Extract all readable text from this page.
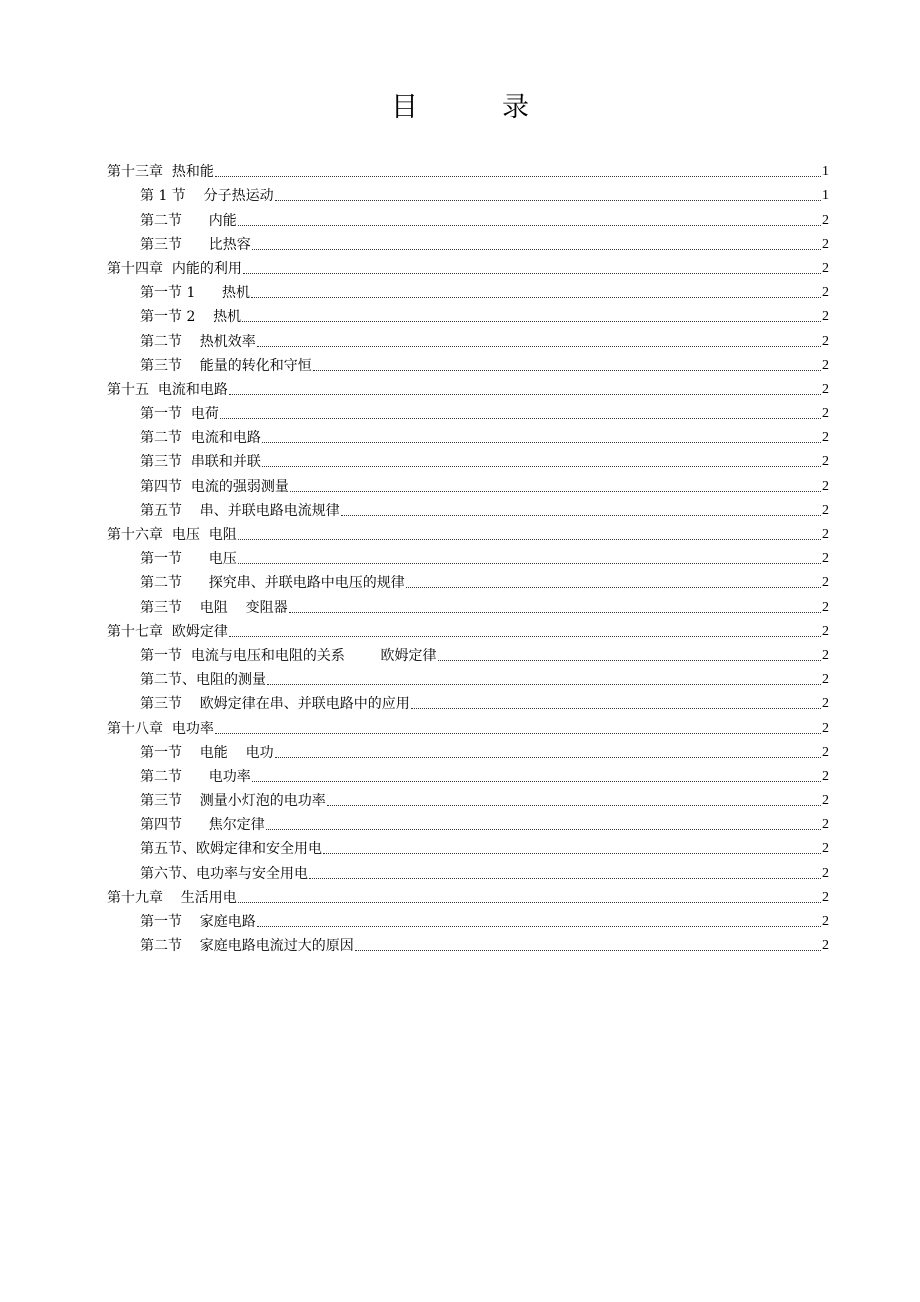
目录
第十三章  热和能	1
第 1 节    分子热运动	1
第二节      内能	2
第三节      比热容	2
第十四章  内能的利用	2
第一节 1      热机	2
第一节 2    热机	2
第二节    热机效率	2
第三节    能量的转化和守恒	2
第十五  电流和电路	2
第一节  电荷	2
第二节  电流和电路	2
第三节  串联和并联	2
第四节  电流的强弱测量	2
第五节    串、并联电路电流规律	2
第十六章  电压  电阻	2
第一节      电压	2
第二节      探究串、并联电路中电压的规律	2
第三节    电阻    变阻器	2
第十七章  欧姆定律	2
第一节  电流与电压和电阻的关系        欧姆定律	2
第二节、电阻的测量	2
第三节    欧姆定律在串、并联电路中的应用	2
第十八章  电功率	2
第一节    电能    电功	2
第二节      电功率	2
第三节    测量小灯泡的电功率	2
第四节      焦尔定律	2
第五节、欧姆定律和安全用电	2
第六节、电功率与安全用电	2
第十九章    生活用电	2
第一节    家庭电路	2
第二节    家庭电路电流过大的原因	2
